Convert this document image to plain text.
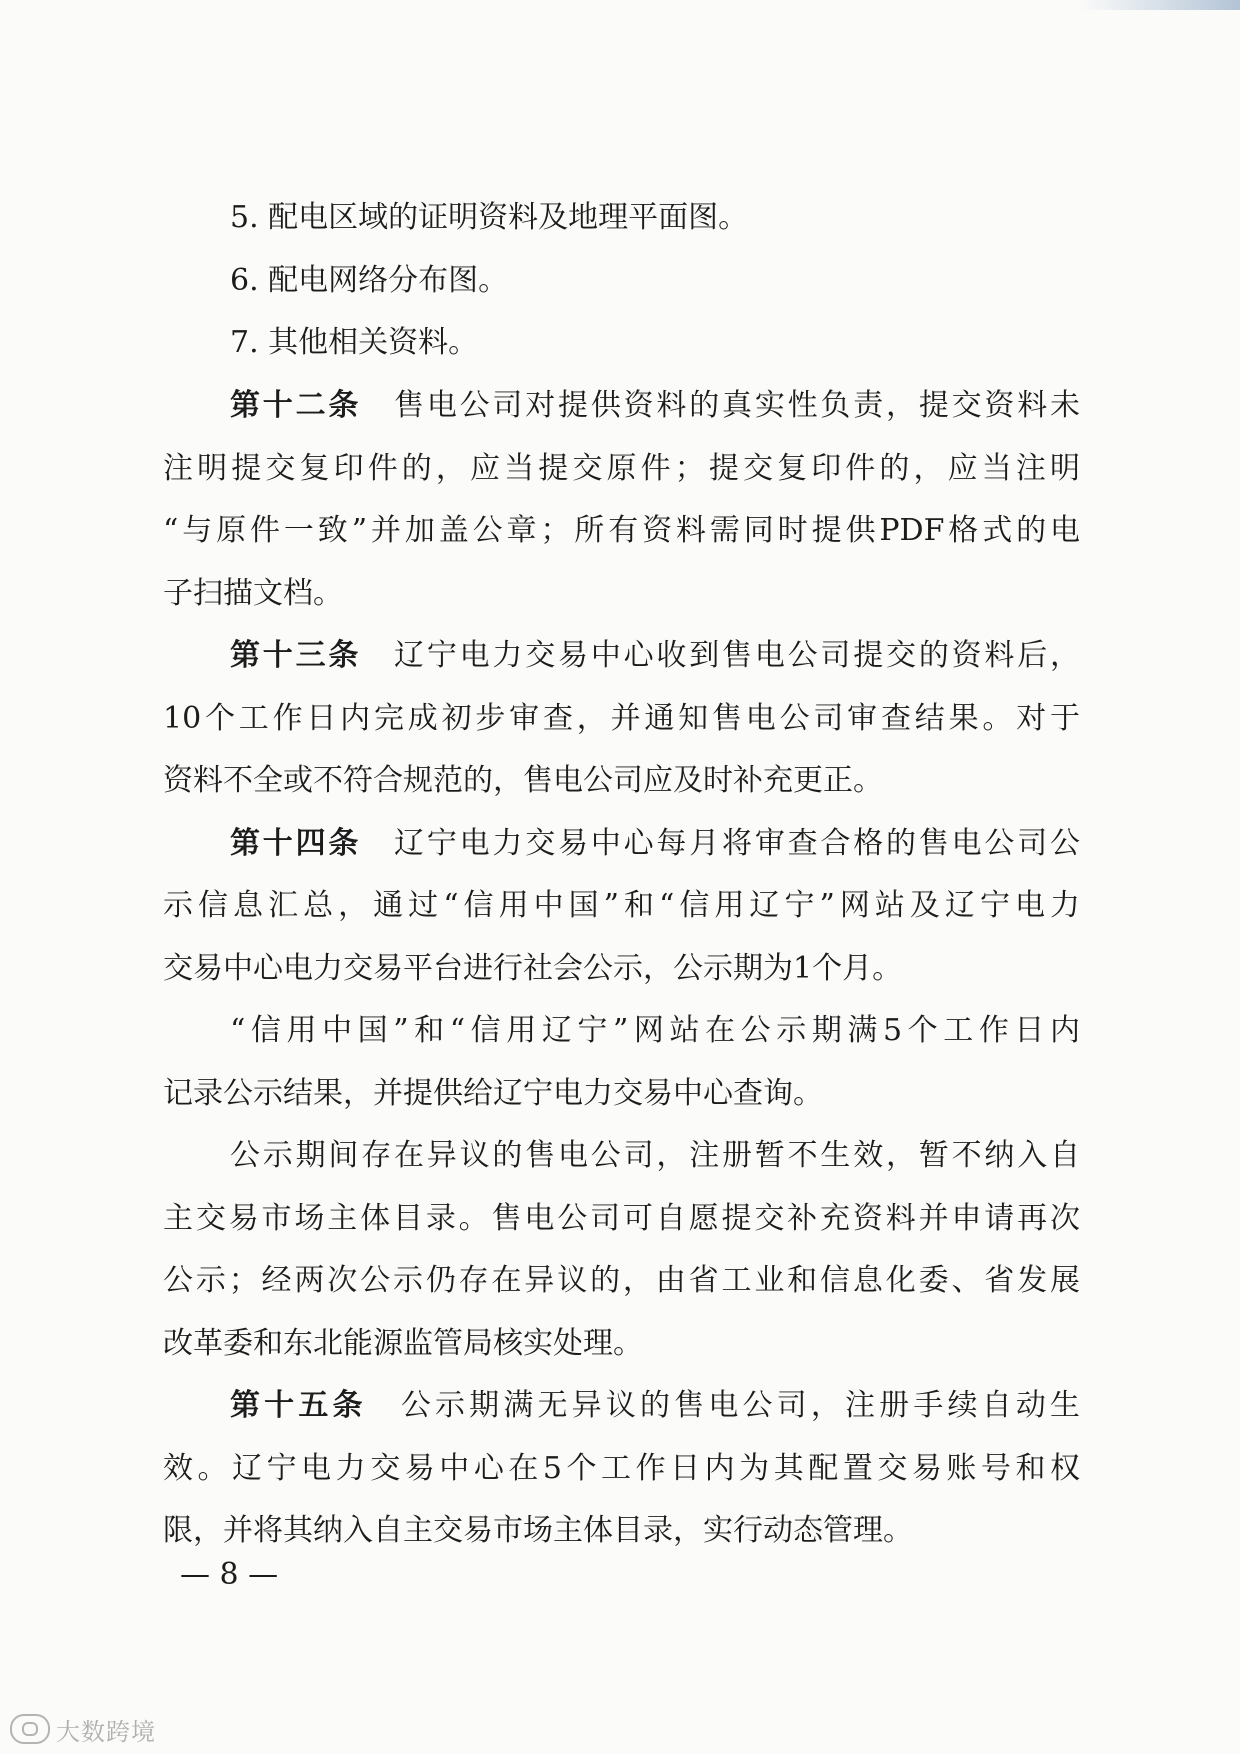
5. 配电区域的证明资料及地理平面图。
6. 配电网络分布图。
7. 其他相关资料。
第十二条　 售电公司对提供资料的真实性负责，提交资料未
注明提交复印件的，应当提交原件；提交复印件的，应当注明
“与原件一致”并加盖公章；所有资料需同时提供PDF格式的电
子扫描文档。
第十三条　 辽宁电力交易中心收到售电公司提交的资料后，
10个工作日内完成初步审查，并通知售电公司审查结果。对于
资料不全或不符合规范的，售电公司应及时补充更正。
第十四条　 辽宁电力交易中心每月将审查合格的售电公司公
示信息汇总，通过“信用中国”和“信用辽宁”网站及辽宁电力
交易中心电力交易平台进行社会公示，公示期为1个月。
“信用中国”和“信用辽宁”网站在公示期满5个工作日内
记录公示结果，并提供给辽宁电力交易中心查询。
公示期间存在异议的售电公司，注册暂不生效，暂不纳入自
主交易市场主体目录。售电公司可自愿提交补充资料并申请再次
公示；经两次公示仍存在异议的，由省工业和信息化委、省发展
改革委和东北能源监管局核实处理。
第十五条　 公示期满无异议的售电公司，注册手续自动生
效。辽宁电力交易中心在5个工作日内为其配置交易账号和权
限，并将其纳入自主交易市场主体目录，实行动态管理。
— 8 —
大数跨境
